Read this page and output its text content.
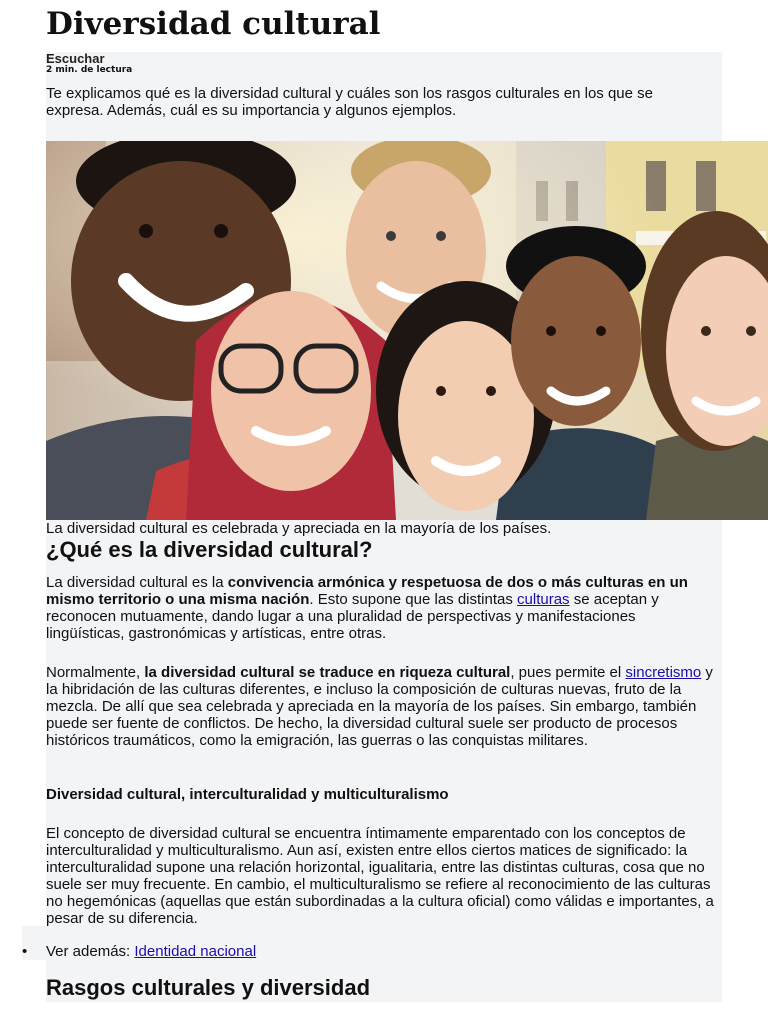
Diversidad cultural
Escuchar
2 min. de lectura
Te explicamos qué es la diversidad cultural y cuáles son los rasgos culturales en los que se expresa. Además, cuál es su importancia y algunos ejemplos.
La diversidad cultural es celebrada y apreciada en la mayoría de los países.
¿Qué es la diversidad cultural?

La diversidad cultural es la convivencia armónica y respetuosa de dos o más culturas en un mismo territorio o una misma nación. Esto supone que las distintas culturas se aceptan y reconocen mutuamente, dando lugar a una pluralidad de perspectivas y manifestaciones lingüísticas, gastronómicas y artísticas, entre otras.

Normalmente, la diversidad cultural se traduce en riqueza cultural, pues permite el sincretismo y la hibridación de las culturas diferentes, e incluso la composición de culturas nuevas, fruto de la mezcla. De allí que sea celebrada y apreciada en la mayoría de los países. Sin embargo, también puede ser fuente de conflictos. De hecho, la diversidad cultural suele ser producto de procesos históricos traumáticos, como la emigración, las guerras o las conquistas militares.

Diversidad cultural, interculturalidad y multiculturalismo

El concepto de diversidad cultural se encuentra íntimamente emparentado con los conceptos de interculturalidad y multiculturalismo. Aun así, existen entre ellos ciertos matices de significado: la interculturalidad supone una relación horizontal, igualitaria, entre las distintas culturas, cosa que no suele ser muy frecuente. En cambio, el multiculturalismo se refiere al reconocimiento de las culturas no hegemónicas (aquellas que están subordinadas a la cultura oficial) como válidas e importantes, a pesar de su diferencia.

• Ver además: Identidad nacional
Rasgos culturales y diversidad
